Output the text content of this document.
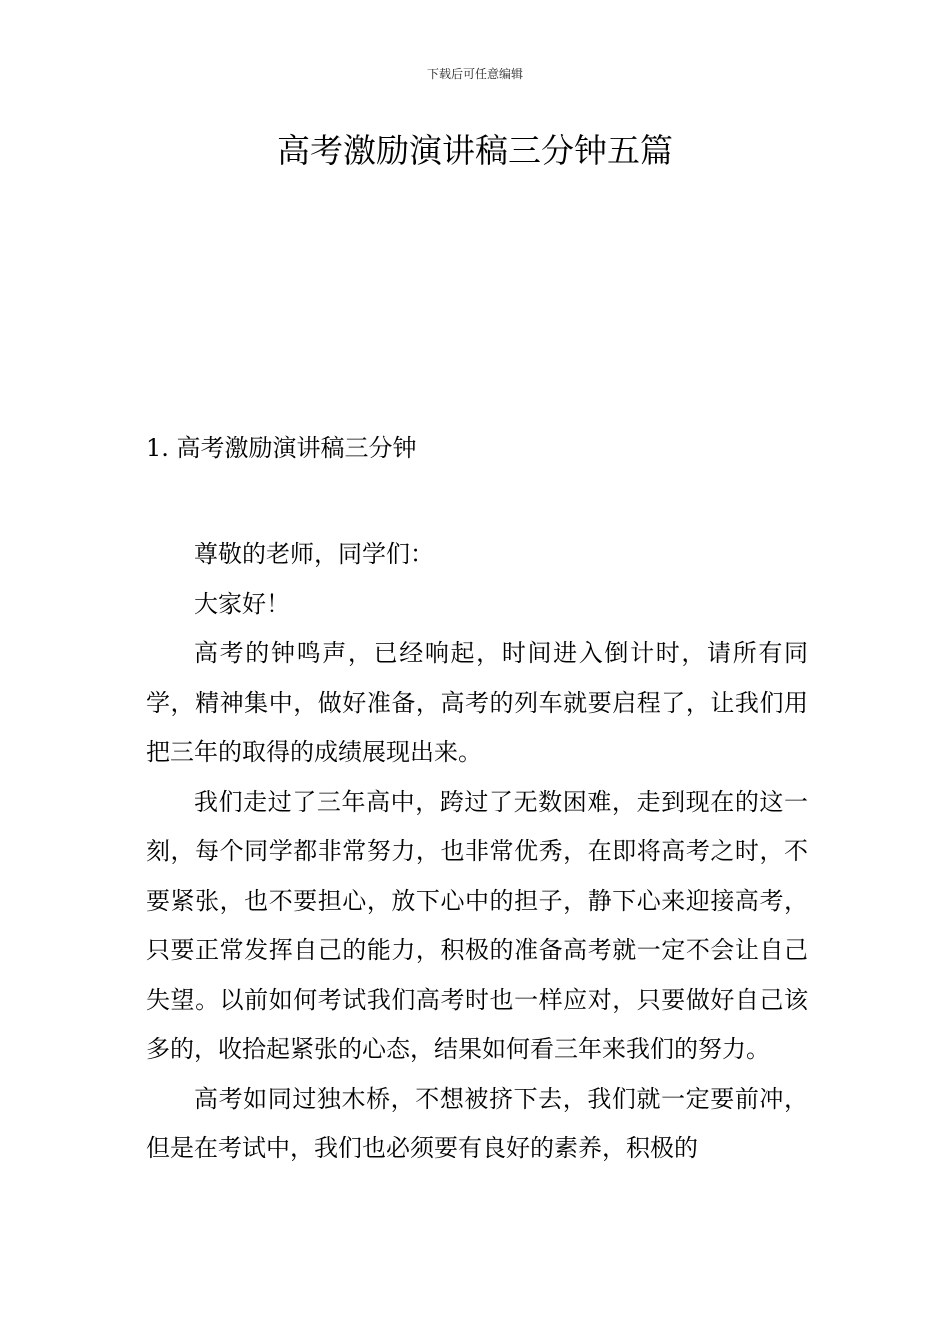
下载后可任意编辑
高考激励演讲稿三分钟五篇
1. 高考激励演讲稿三分钟

尊敬的老师，同学们：

大家好！

高考的钟鸣声，已经响起，时间进入倒计时，请所有同学，精神集中，做好准备，高考的列车就要启程了，让我们用把三年的取得的成绩展现出来。

我们走过了三年高中，跨过了无数困难，走到现在的这一刻，每个同学都非常努力，也非常优秀，在即将高考之时，不要紧张，也不要担心，放下心中的担子，静下心来迎接高考，只要正常发挥自己的能力，积极的准备高考就一定不会让自己失望。以前如何考试我们高考时也一样应对，只要做好自己该多的，收拾起紧张的心态，结果如何看三年来我们的努力。

高考如同过独木桥，不想被挤下去，我们就一定要前冲，但是在考试中，我们也必须要有良好的素养，积极的
